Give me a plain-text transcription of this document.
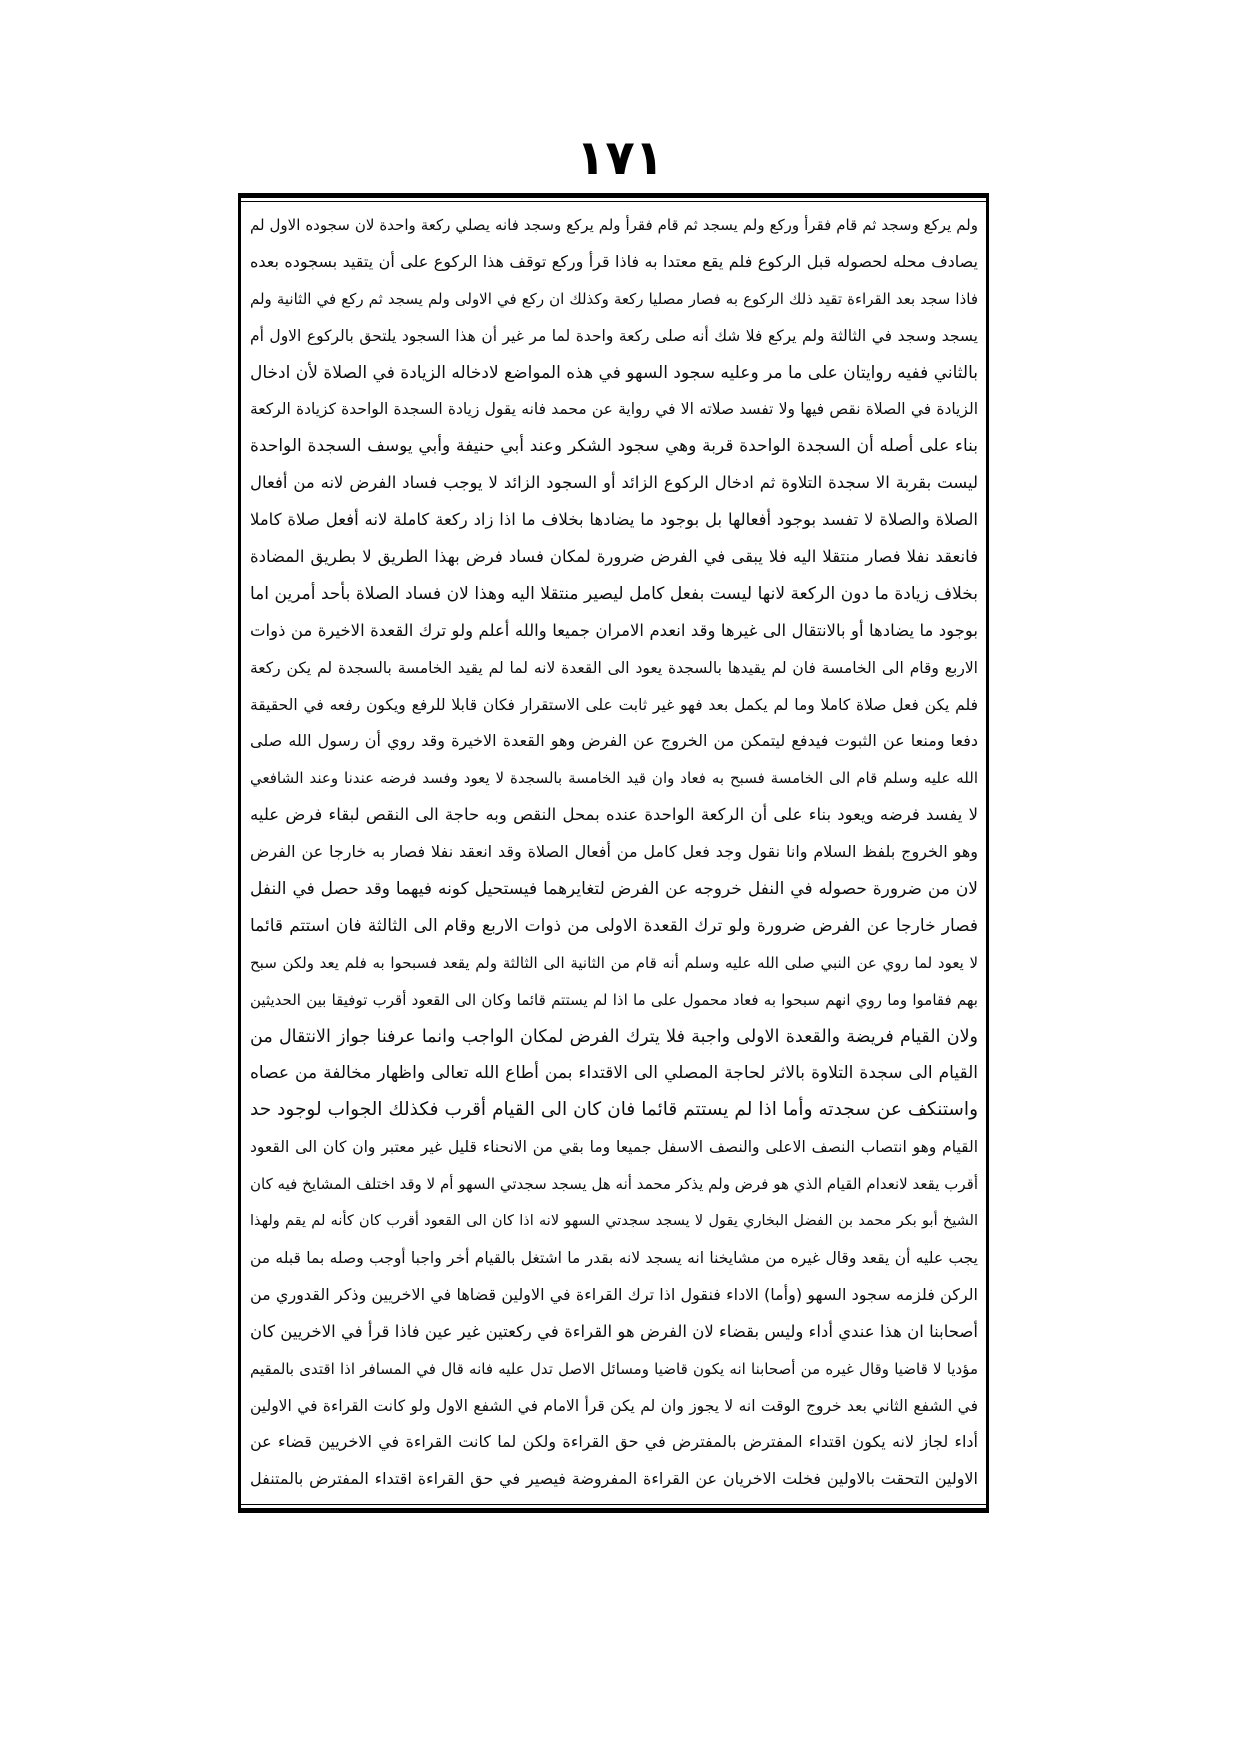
١٧١
ولم يركع وسجد ثم قام فقرأ وركع ولم يسجد ثم قام فقرأ ولم يركع وسجد فانه يصلي ركعة واحدة لان سجوده الاول لم
يصادف محله لحصوله قبل الركوع فلم يقع معتدا به فاذا قرأ وركع توقف هذا الركوع على أن يتقيد بسجوده بعده
فاذا سجد بعد القراءة تقيد ذلك الركوع به فصار مصليا ركعة وكذلك ان ركع في الاولى ولم يسجد ثم ركع في الثانية ولم
يسجد وسجد في الثالثة ولم يركع فلا شك أنه صلى ركعة واحدة لما مر غير أن هذا السجود يلتحق بالركوع الاول أم
بالثاني ففيه روايتان على ما مر وعليه سجود السهو في هذه المواضع لادخاله الزيادة في الصلاة لأن ادخال
الزيادة في الصلاة نقص فيها ولا تفسد صلاته الا في رواية عن محمد فانه يقول زيادة السجدة الواحدة كزيادة الركعة
بناء على أصله أن السجدة الواحدة قربة وهي سجود الشكر وعند أبي حنيفة وأبي يوسف السجدة الواحدة
ليست بقربة الا سجدة التلاوة ثم ادخال الركوع الزائد أو السجود الزائد لا يوجب فساد الفرض لانه من أفعال
الصلاة والصلاة لا تفسد بوجود أفعالها بل بوجود ما يضادها بخلاف ما اذا زاد ركعة كاملة لانه أفعل صلاة كاملا
فانعقد نفلا فصار منتقلا اليه فلا يبقى في الفرض ضرورة لمكان فساد فرض بهذا الطريق لا بطريق المضادة
بخلاف زيادة ما دون الركعة لانها ليست بفعل كامل ليصير منتقلا اليه وهذا لان فساد الصلاة بأحد أمرين اما
بوجود ما يضادها أو بالانتقال الى غيرها وقد انعدم الامران جميعا والله أعلم ولو ترك القعدة الاخيرة من ذوات
الاربع وقام الى الخامسة فان لم يقيدها بالسجدة يعود الى القعدة لانه لما لم يقيد الخامسة بالسجدة لم يكن ركعة
فلم يكن فعل صلاة كاملا وما لم يكمل بعد فهو غير ثابت على الاستقرار فكان قابلا للرفع ويكون رفعه في الحقيقة
دفعا ومنعا عن الثبوت فيدفع ليتمكن من الخروج عن الفرض وهو القعدة الاخيرة وقد روي أن رسول الله صلى
الله عليه وسلم قام الى الخامسة فسبح به فعاد وان قيد الخامسة بالسجدة لا يعود وفسد فرضه عندنا وعند الشافعي
لا يفسد فرضه ويعود بناء على أن الركعة الواحدة عنده بمحل النقص وبه حاجة الى النقص لبقاء فرض عليه
وهو الخروج بلفظ السلام وانا نقول وجد فعل كامل من أفعال الصلاة وقد انعقد نفلا فصار به خارجا عن الفرض
لان من ضرورة حصوله في النفل خروجه عن الفرض لتغايرهما فيستحيل كونه فيهما وقد حصل في النفل
فصار خارجا عن الفرض ضرورة ولو ترك القعدة الاولى من ذوات الاربع وقام الى الثالثة فان استتم قائما
لا يعود لما روي عن النبي صلى الله عليه وسلم أنه قام من الثانية الى الثالثة ولم يقعد فسبحوا به فلم يعد ولكن سبح
بهم فقاموا وما روي انهم سبحوا به فعاد محمول على ما اذا لم يستتم قائما وكان الى القعود أقرب توفيقا بين الحديثين
ولان القيام فريضة والقعدة الاولى واجبة فلا يترك الفرض لمكان الواجب وانما عرفنا جواز الانتقال من
القيام الى سجدة التلاوة بالاثر لحاجة المصلي الى الاقتداء بمن أطاع الله تعالى واظهار مخالفة من عصاه
واستنكف عن سجدته وأما اذا لم يستتم قائما فان كان الى القيام أقرب فكذلك الجواب لوجود حد
القيام وهو انتصاب النصف الاعلى والنصف الاسفل جميعا وما بقي من الانحناء قليل غير معتبر وان كان الى القعود
أقرب يقعد لانعدام القيام الذي هو فرض ولم يذكر محمد أنه هل يسجد سجدتي السهو أم لا وقد اختلف المشايخ فيه كان
الشيخ أبو بكر محمد بن الفضل البخاري يقول لا يسجد سجدتي السهو لانه اذا كان الى القعود أقرب كان كأنه لم يقم ولهذا
يجب عليه أن يقعد وقال غيره من مشايخنا انه يسجد لانه بقدر ما اشتغل بالقيام أخر واجبا أوجب وصله بما قبله من
الركن فلزمه سجود السهو (وأما) الاداء فنقول اذا ترك القراءة في الاولين قضاها في الاخريين وذكر القدوري من
أصحابنا ان هذا عندي أداء وليس بقضاء لان الفرض هو القراءة في ركعتين غير عين فاذا قرأ في الاخريين كان
مؤديا لا قاضيا وقال غيره من أصحابنا انه يكون قاضيا ومسائل الاصل تدل عليه فانه قال في المسافر اذا اقتدى بالمقيم
في الشفع الثاني بعد خروج الوقت انه لا يجوز وان لم يكن قرأ الامام في الشفع الاول ولو كانت القراءة في الاولين
أداء لجاز لانه يكون اقتداء المفترض بالمفترض في حق القراءة ولكن لما كانت القراءة في الاخريين قضاء عن
الاولين التحقت بالاولين فخلت الاخريان عن القراءة المفروضة فيصير في حق القراءة اقتداء المفترض بالمتنفل
